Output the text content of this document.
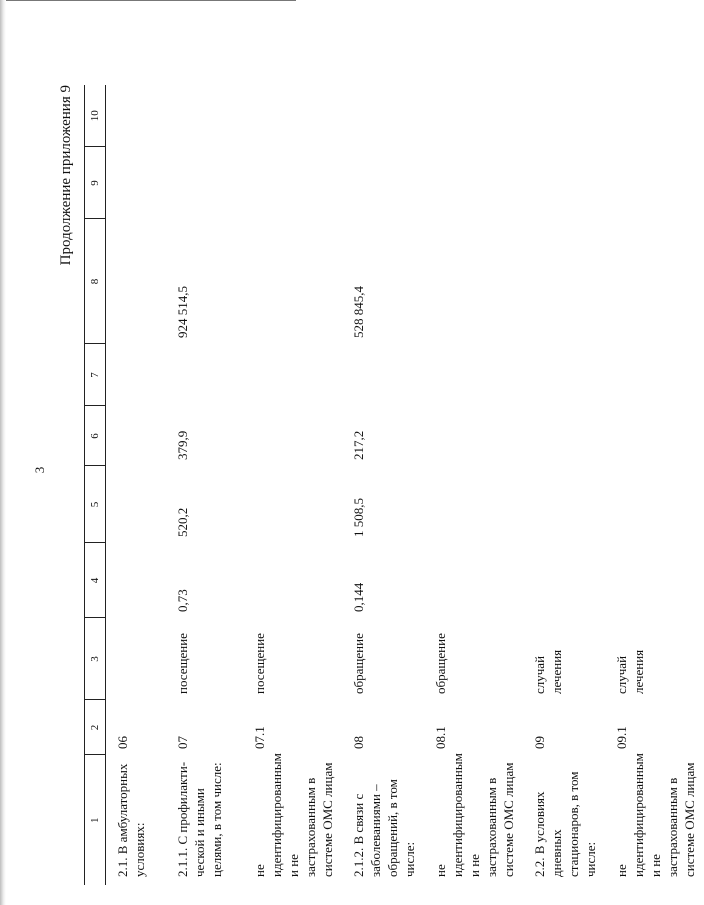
3
Продолжение приложения 9
1	2	3	4	5	6	7	8	9	10
2.1. В амбулаторных условиях:	06								
2.1.1. С профилакти-ческой и иными целями, в том числе:	07	посещение	0,73	520,2	379,9		924 514,5		
не идентифицированным и не застрахованным в системе ОМС лицам	07.1	посещение							
2.1.2. В связи с заболеваниями – обращений, в том числе:	08	обращение	0,144	1 508,5	217,2		528 845,4		
не идентифицированным и не застрахованным в системе ОМС лицам	08.1	обращение							
2.2. В условиях дневных стационаров, в том числе:	09	случай лечения							
не идентифицированным и не застрахованным в системе ОМС лицам	09.1	случай лечения							
